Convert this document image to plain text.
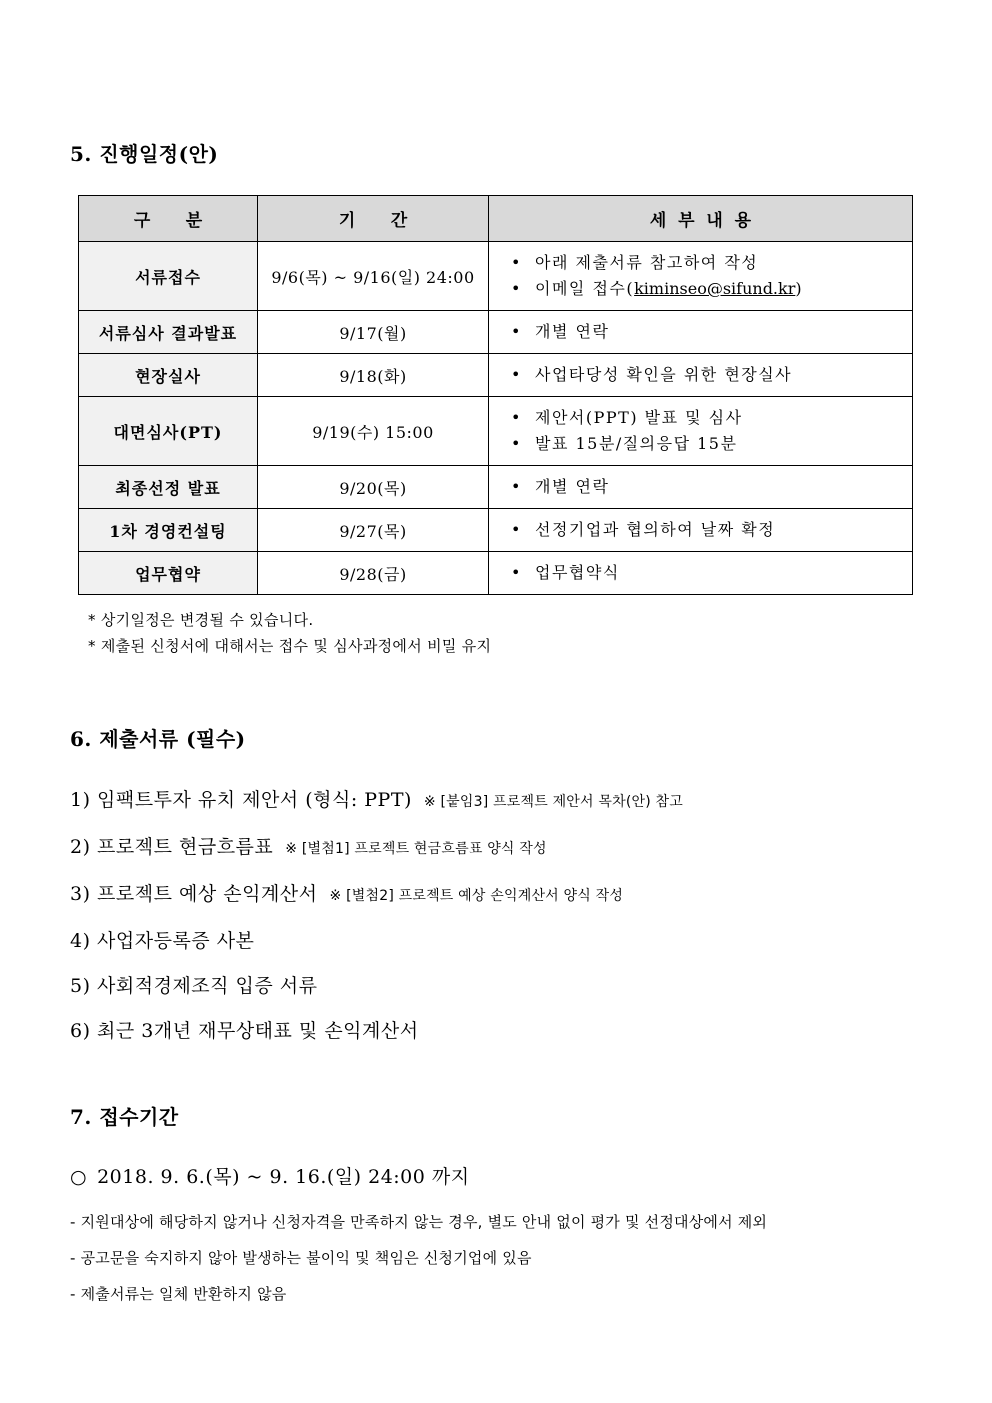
5. 진행일정(안)
구      분	기      간	세  부  내  용
서류접수	9/6(목) ~ 9/16(일) 24:00	
• 아래 제출서류 참고하여 작성
• 이메일 접수(kiminseo@sifund.kr)

서류심사 결과발표	9/17(월)	
•개별 연락

현장실사	9/18(화)	
•사업타당성 확인을 위한 현장실사

대면심사(PT)	9/19(수) 15:00	
• 제안서(PPT) 발표 및 심사
• 발표 15분/질의응답 15분

최종선정 발표	9/20(목)	
•개별 연락

1차 경영컨설팅	9/27(목)	
•선정기업과 협의하여 날짜 확정

업무협약	9/28(금)	
•업무협약식
* 상기일정은 변경될 수 있습니다.
* 제출된 신청서에 대해서는 접수 및 심사과정에서 비밀 유지
6. 제출서류 (필수)
1) 임팩트투자 유치 제안서 (형식: PPT) ※ [붙임3] 프로젝트 제안서 목차(안) 참고
2) 프로젝트 현금흐름표 ※ [별첨1] 프로젝트 현금흐름표 양식 작성
3) 프로젝트 예상 손익계산서 ※ [별첨2] 프로젝트 예상 손익계산서 양식 작성
4) 사업자등록증 사본
5) 사회적경제조직 입증 서류
6) 최근 3개년 재무상태표 및 손익계산서
7. 접수기간
○ 2018. 9. 6.(목) ~ 9. 16.(일) 24:00 까지
- 지원대상에 해당하지 않거나 신청자격을 만족하지 않는 경우, 별도 안내 없이 평가 및 선정대상에서 제외
- 공고문을 숙지하지 않아 발생하는 불이익 및 책임은 신청기업에 있음
- 제출서류는 일체 반환하지 않음
